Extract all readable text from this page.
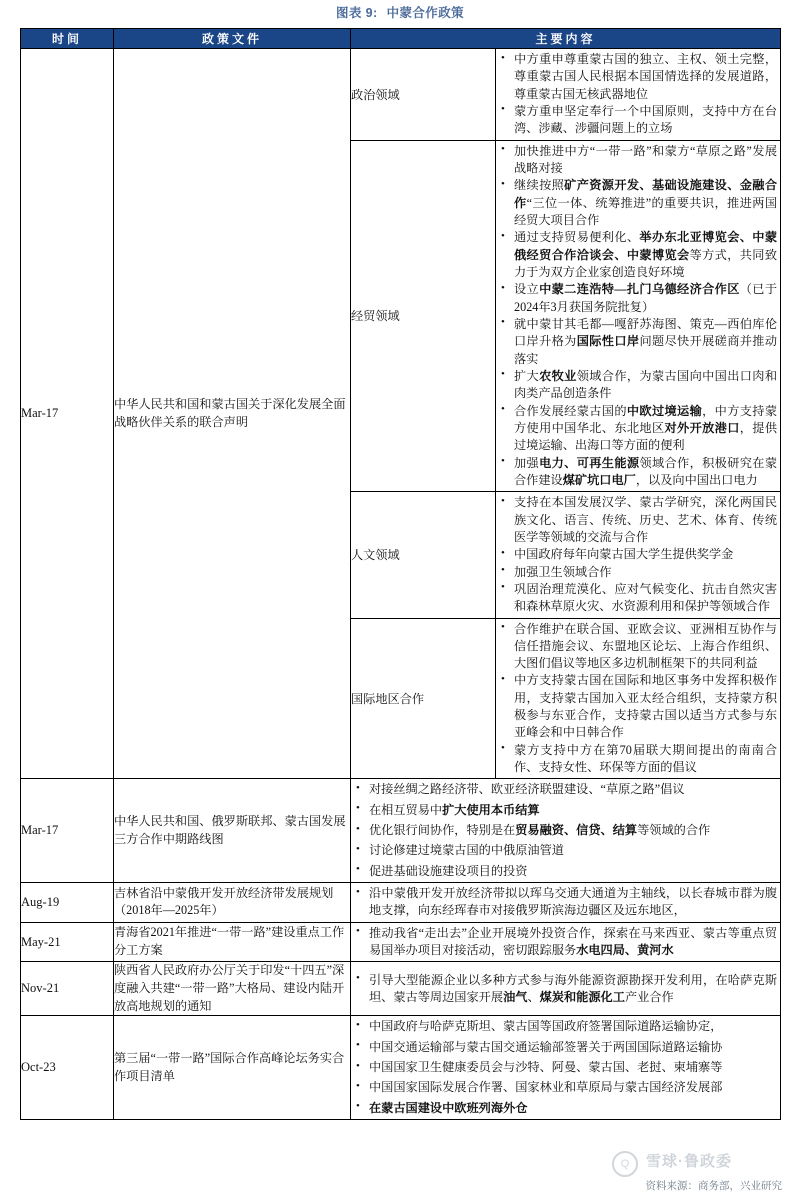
图表 9: 中蒙合作政策
时间	政策文件	主要内容	
Mar-17	中华人民共和国和蒙古国关于深化发展全面战略伙伴关系的联合声明	政治领域	
• 中方重申尊重蒙古国的独立、主权、领土完整，尊重蒙古国人民根据本国国情选择的发展道路，尊重蒙古国无核武器地位
• 蒙方重申坚定奉行一个中国原则，支持中方在台湾、涉藏、涉疆问题上的立场

经贸领域	
• 加快推进中方“一带一路”和蒙方“草原之路”发展战略对接
• 继续按照矿产资源开发、基础设施建设、金融合作“三位一体、统筹推进”的重要共识，推进两国经贸大项目合作
• 通过支持贸易便利化、举办东北亚博览会、中蒙俄经贸合作洽谈会、中蒙博览会等方式，共同致力于为双方企业家创造良好环境
• 设立中蒙二连浩特—扎门乌德经济合作区（已于2024年3月获国务院批复）
• 就中蒙甘其毛都—嘎舒苏海图、策克—西伯库伦口岸升格为国际性口岸问题尽快开展磋商并推动落实
• 扩大农牧业领域合作，为蒙古国向中国出口肉和肉类产品创造条件
• 合作发展经蒙古国的中欧过境运输，中方支持蒙方使用中国华北、东北地区对外开放港口，提供过境运输、出海口等方面的便利
• 加强电力、可再生能源领域合作，积极研究在蒙合作建设煤矿坑口电厂，以及向中国出口电力

人文领域	
• 支持在本国发展汉学、蒙古学研究，深化两国民族文化、语言、传统、历史、艺术、体育、传统医学等领域的交流与合作
• 中国政府每年向蒙古国大学生提供奖学金
• 加强卫生领域合作
• 巩固治理荒漠化、应对气候变化、抗击自然灾害和森林草原火灾、水资源利用和保护等领域合作

国际地区合作	
• 合作维护在联合国、亚欧会议、亚洲相互协作与信任措施会议、东盟地区论坛、上海合作组织、大图们倡议等地区多边机制框架下的共同利益
• 中方支持蒙古国在国际和地区事务中发挥积极作用，支持蒙古国加入亚太经合组织，支持蒙方积极参与东亚合作，支持蒙古国以适当方式参与东亚峰会和中日韩合作
• 蒙方支持中方在第70届联大期间提出的南南合作、支持女性、环保等方面的倡议

Mar-17	中华人民共和国、俄罗斯联邦、蒙古国发展三方合作中期路线图	
• 对接丝绸之路经济带、欧亚经济联盟建设、“草原之路”倡议
• 在相互贸易中扩大使用本币结算
• 优化银行间协作，特别是在贸易融资、信贷、结算等领域的合作
• 讨论修建过境蒙古国的中俄原油管道
• 促进基础设施建设项目的投资

Aug-19	吉林省沿中蒙俄开发开放经济带发展规划（2018年—2025年）	
• 沿中蒙俄开发开放经济带拟以珲乌交通大通道为主轴线，以长春城市群为腹地支撑，向东经珲春市对接俄罗斯滨海边疆区及远东地区，

May-21	青海省2021年推进“一带一路”建设重点工作分工方案	
• 推动我省“走出去”企业开展境外投资合作，探索在马来西亚、蒙古等重点贸易国举办项目对接活动，密切跟踪服务水电四局、黄河水

Nov-21	陕西省人民政府办公厅关于印发“十四五”深度融入共建“一带一路”大格局、建设内陆开放高地规划的通知	
• 引导大型能源企业以多种方式参与海外能源资源勘探开发利用，在哈萨克斯坦、蒙古等周边国家开展油气、煤炭和能源化工产业合作

Oct-23	第三届“一带一路”国际合作高峰论坛务实合作项目清单	
• 中国政府与哈萨克斯坦、蒙古国等国政府签署国际道路运输协定，
• 中国交通运输部与蒙古国交通运输部签署关于两国国际道路运输协
• 中国国家卫生健康委员会与沙特、阿曼、蒙古国、老挝、柬埔寨等
• 中国国家国际发展合作署、国家林业和草原局与蒙古国经济发展部
• 在蒙古国建设中欧班列海外仓
Q	雪球·鲁政委
资料来源：商务部，兴业研究
